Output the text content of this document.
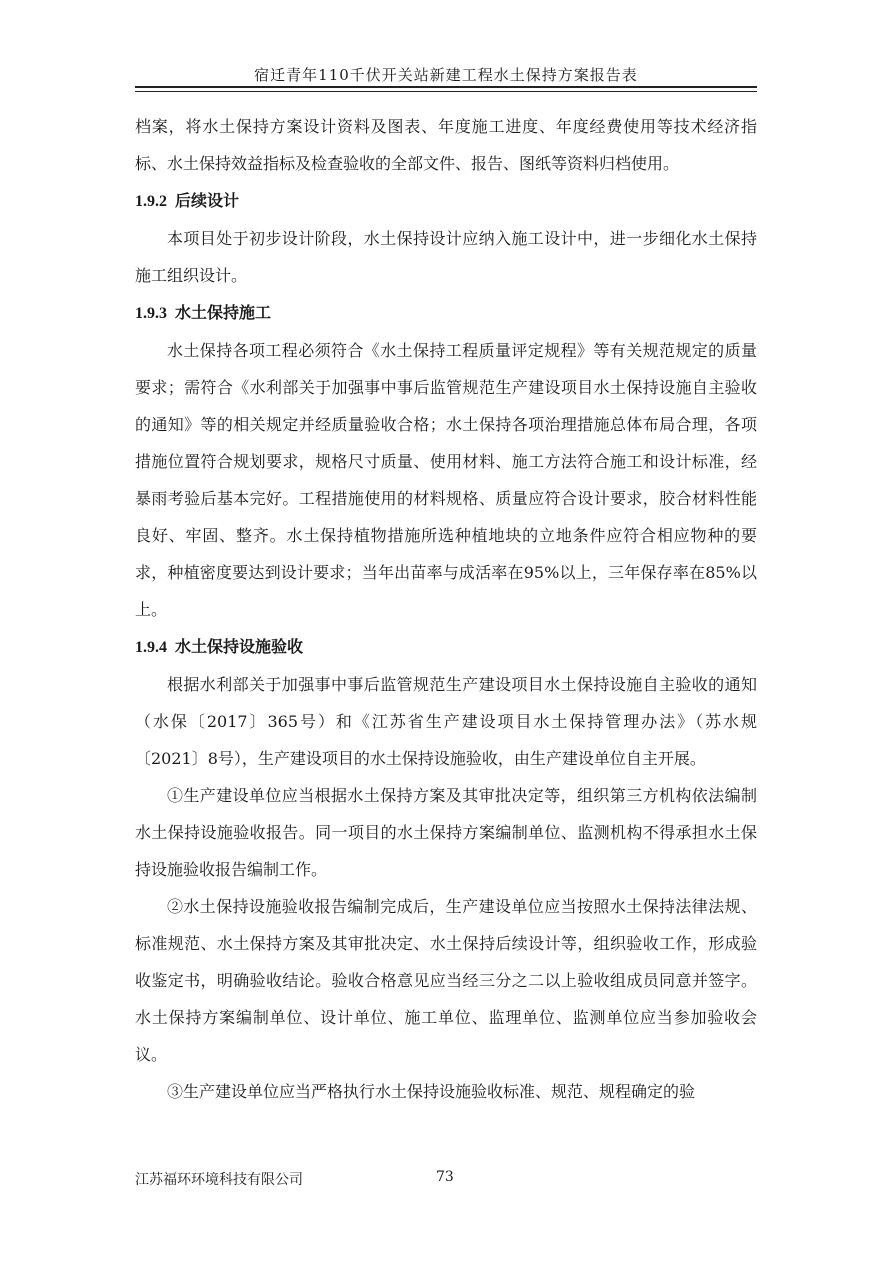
宿迁青年110千伏开关站新建工程水土保持方案报告表

档案，将水土保持方案设计资料及图表、年度施工进度、年度经费使用等技术经济指标、水土保持效益指标及检查验收的全部文件、报告、图纸等资料归档使用。

1.9.2 后续设计

本项目处于初步设计阶段，水土保持设计应纳入施工设计中，进一步细化水土保持施工组织设计。

1.9.3 水土保持施工

水土保持各项工程必须符合《水土保持工程质量评定规程》等有关规范规定的质量要求；需符合《水利部关于加强事中事后监管规范生产建设项目水土保持设施自主验收的通知》等的相关规定并经质量验收合格；水土保持各项治理措施总体布局合理，各项措施位置符合规划要求，规格尺寸质量、使用材料、施工方法符合施工和设计标准，经暴雨考验后基本完好。工程措施使用的材料规格、质量应符合设计要求，胶合材料性能良好、牢固、整齐。水土保持植物措施所选种植地块的立地条件应符合相应物种的要求，种植密度要达到设计要求；当年出苗率与成活率在95%以上，三年保存率在85%以上。

1.9.4 水土保持设施验收

根据水利部关于加强事中事后监管规范生产建设项目水土保持设施自主验收的通知（水保〔2017〕365号）和《江苏省生产建设项目水土保持管理办法》（苏水规〔2021〕8号），生产建设项目的水土保持设施验收，由生产建设单位自主开展。

①生产建设单位应当根据水土保持方案及其审批决定等，组织第三方机构依法编制水土保持设施验收报告。同一项目的水土保持方案编制单位、监测机构不得承担水土保持设施验收报告编制工作。

②水土保持设施验收报告编制完成后，生产建设单位应当按照水土保持法律法规、标准规范、水土保持方案及其审批决定、水土保持后续设计等，组织验收工作，形成验收鉴定书，明确验收结论。验收合格意见应当经三分之二以上验收组成员同意并签字。水土保持方案编制单位、设计单位、施工单位、监理单位、监测单位应当参加验收会议。

③生产建设单位应当严格执行水土保持设施验收标准、规范、规程确定的验

江苏福环环境科技有限公司	73
